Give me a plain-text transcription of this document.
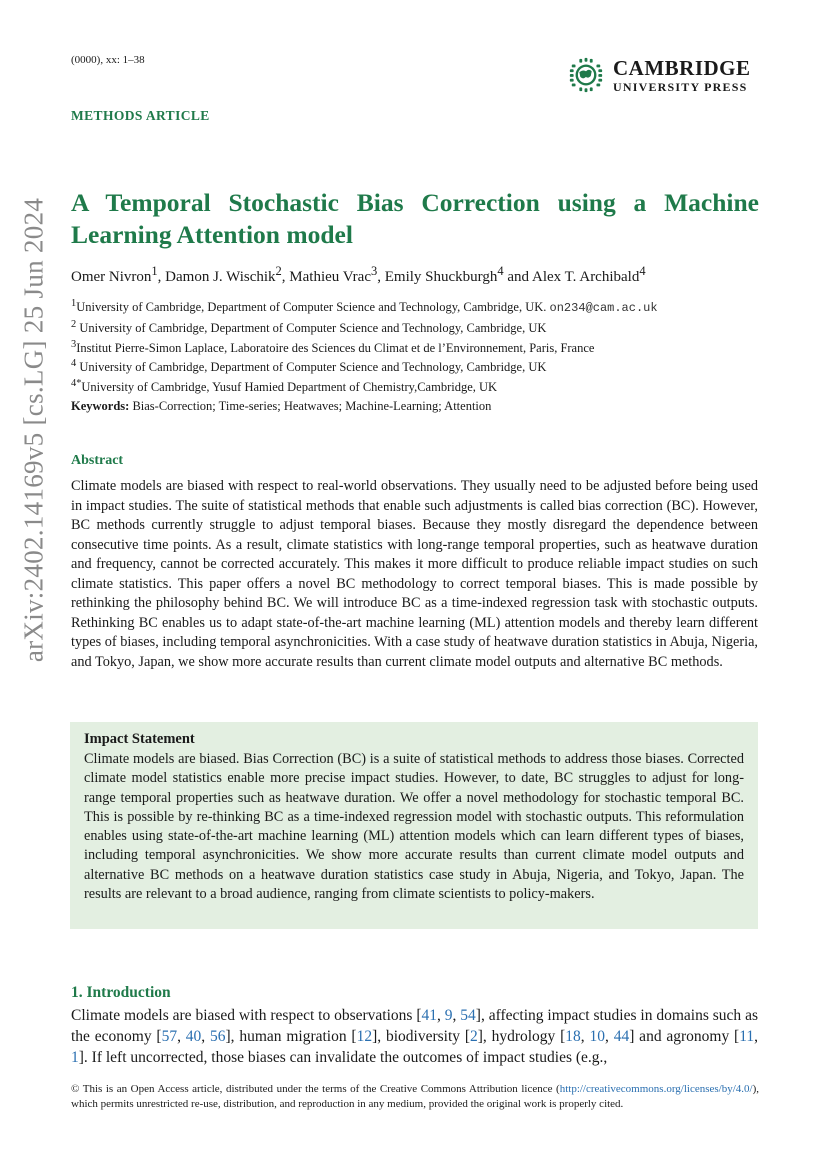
(0000), xx: 1–38	CAMBRIDGE
UNIVERSITY PRESS
METHODS ARTICLE
A Temporal Stochastic Bias Correction using a Machine Learning Attention model
Omer Nivron$^1$, Damon J. Wischik$^2$, Mathieu Vrac$^3$, Emily Shuckburgh$^4$ and Alex T. Archibald$^4$
$^1$University of Cambridge, Department of Computer Science and Technology, Cambridge, UK. on234@cam.ac.uk
$^2$ University of Cambridge, Department of Computer Science and Technology, Cambridge, UK
$^3$Institut Pierre-Simon Laplace, Laboratoire des Sciences du Climat et de l’Environnement, Paris, France
$^4$ University of Cambridge, Department of Computer Science and Technology, Cambridge, UK
$^{4*}$University of Cambridge, Yusuf Hamied Department of Chemistry,Cambridge, UK
Keywords: Bias-Correction; Time-series; Heatwaves; Machine-Learning; Attention
Abstract
Climate models are biased with respect to real-world observations. They usually need to be adjusted before being used in impact studies. The suite of statistical methods that enable such adjustments is called bias correction (BC). However, BC methods currently struggle to adjust temporal biases. Because they mostly disregard the dependence between consecutive time points. As a result, climate statistics with long-range temporal properties, such as heatwave duration and frequency, cannot be corrected accurately. This makes it more difficult to produce reliable impact studies on such climate statistics. This paper offers a novel BC methodology to correct temporal biases. This is made possible by rethinking the philosophy behind BC. We will introduce BC as a time-indexed regression task with stochastic outputs. Rethinking BC enables us to adapt state-of-the-art machine learning (ML) attention models and thereby learn different types of biases, including temporal asynchronicities. With a case study of heatwave duration statistics in Abuja, Nigeria, and Tokyo, Japan, we show more accurate results than current climate model outputs and alternative BC methods.
Impact Statement
Climate models are biased. Bias Correction (BC) is a suite of statistical methods to address those biases. Corrected climate model statistics enable more precise impact studies. However, to date, BC struggles to adjust for long-range temporal properties such as heatwave duration. We offer a novel methodology for stochastic temporal BC. This is possible by re-thinking BC as a time-indexed regression model with stochastic outputs. This reformulation enables using state-of-the-art machine learning (ML) attention models which can learn different types of biases, including temporal asynchronicities. We show more accurate results than current climate model outputs and alternative BC methods on a heatwave duration statistics case study in Abuja, Nigeria, and Tokyo, Japan. The results are relevant to a broad audience, ranging from climate scientists to policy-makers.
1. Introduction
Climate models are biased with respect to observations [41, 9, 54], affecting impact studies in domains such as the economy [57, 40, 56], human migration [12], biodiversity [2], hydrology [18, 10, 44] and agronomy [11, 1]. If left uncorrected, those biases can invalidate the outcomes of impact studies (e.g.,
© This is an Open Access article, distributed under the terms of the Creative Commons Attribution licence (http://creativecommons.org/licenses/by/4.0/), which permits unrestricted re-use, distribution, and reproduction in any medium, provided the original work is properly cited.
arXiv:2402.14169v5 [cs.LG] 25 Jun 2024
